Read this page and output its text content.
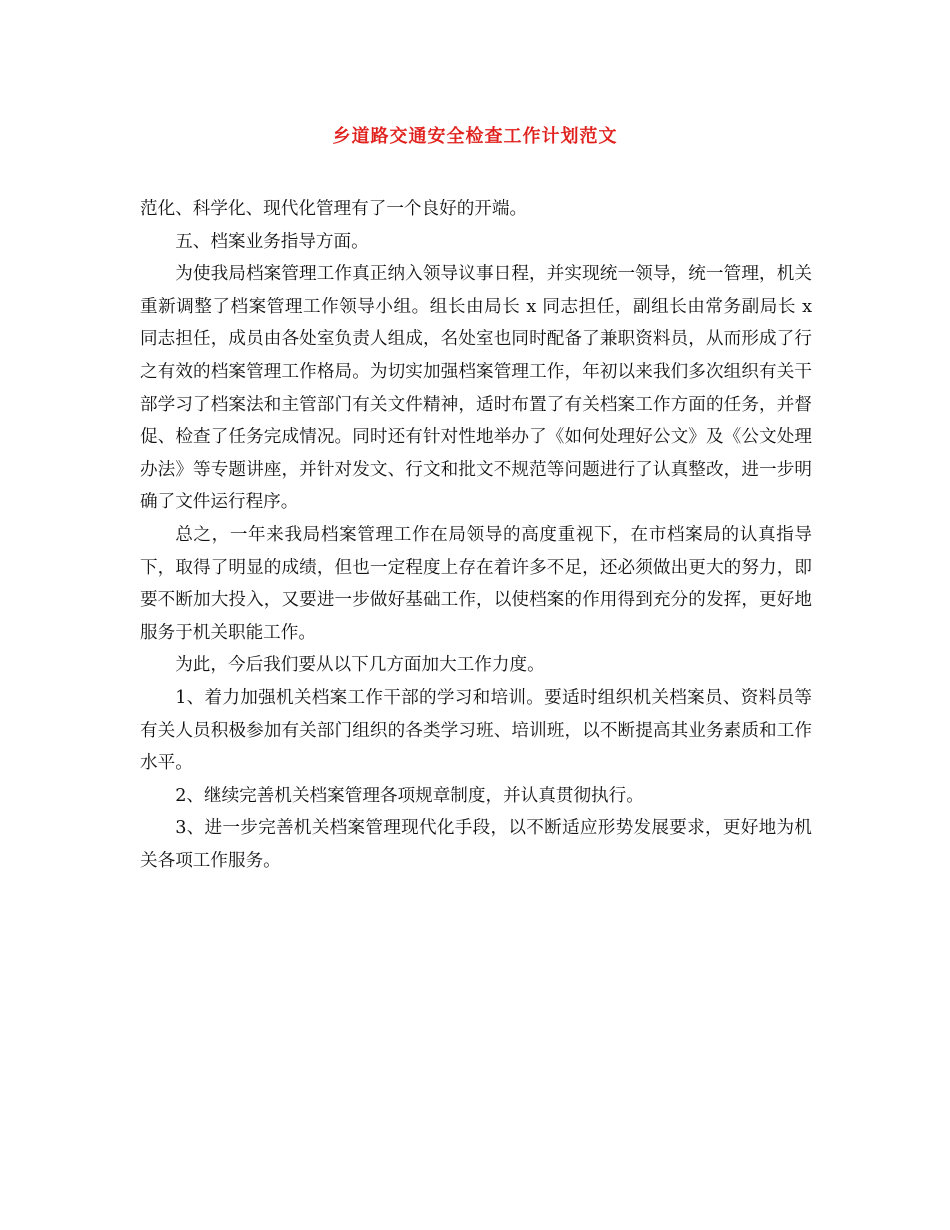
乡道路交通安全检查工作计划范文

范化、科学化、现代化管理有了一个良好的开端。

五、档案业务指导方面。

为使我局档案管理工作真正纳入领导议事日程，并实现统一领导，统一管理，机关重新调整了档案管理工作领导小组。组长由局长 x 同志担任，副组长由常务副局长 x 同志担任，成员由各处室负责人组成，名处室也同时配备了兼职资料员，从而形成了行之有效的档案管理工作格局。为切实加强档案管理工作，年初以来我们多次组织有关干部学习了档案法和主管部门有关文件精神，适时布置了有关档案工作方面的任务，并督促、检查了任务完成情况。同时还有针对性地举办了《如何处理好公文》及《公文处理办法》等专题讲座，并针对发文、行文和批文不规范等问题进行了认真整改，进一步明确了文件运行程序。

总之，一年来我局档案管理工作在局领导的高度重视下，在市档案局的认真指导下，取得了明显的成绩，但也一定程度上存在着许多不足，还必须做出更大的努力，即要不断加大投入，又要进一步做好基础工作，以使档案的作用得到充分的发挥，更好地服务于机关职能工作。

为此，今后我们要从以下几方面加大工作力度。

1、着力加强机关档案工作干部的学习和培训。要适时组织机关档案员、资料员等有关人员积极参加有关部门组织的各类学习班、培训班，以不断提高其业务素质和工作水平。

2、继续完善机关档案管理各项规章制度，并认真贯彻执行。

3、进一步完善机关档案管理现代化手段，以不断适应形势发展要求，更好地为机关各项工作服务。
